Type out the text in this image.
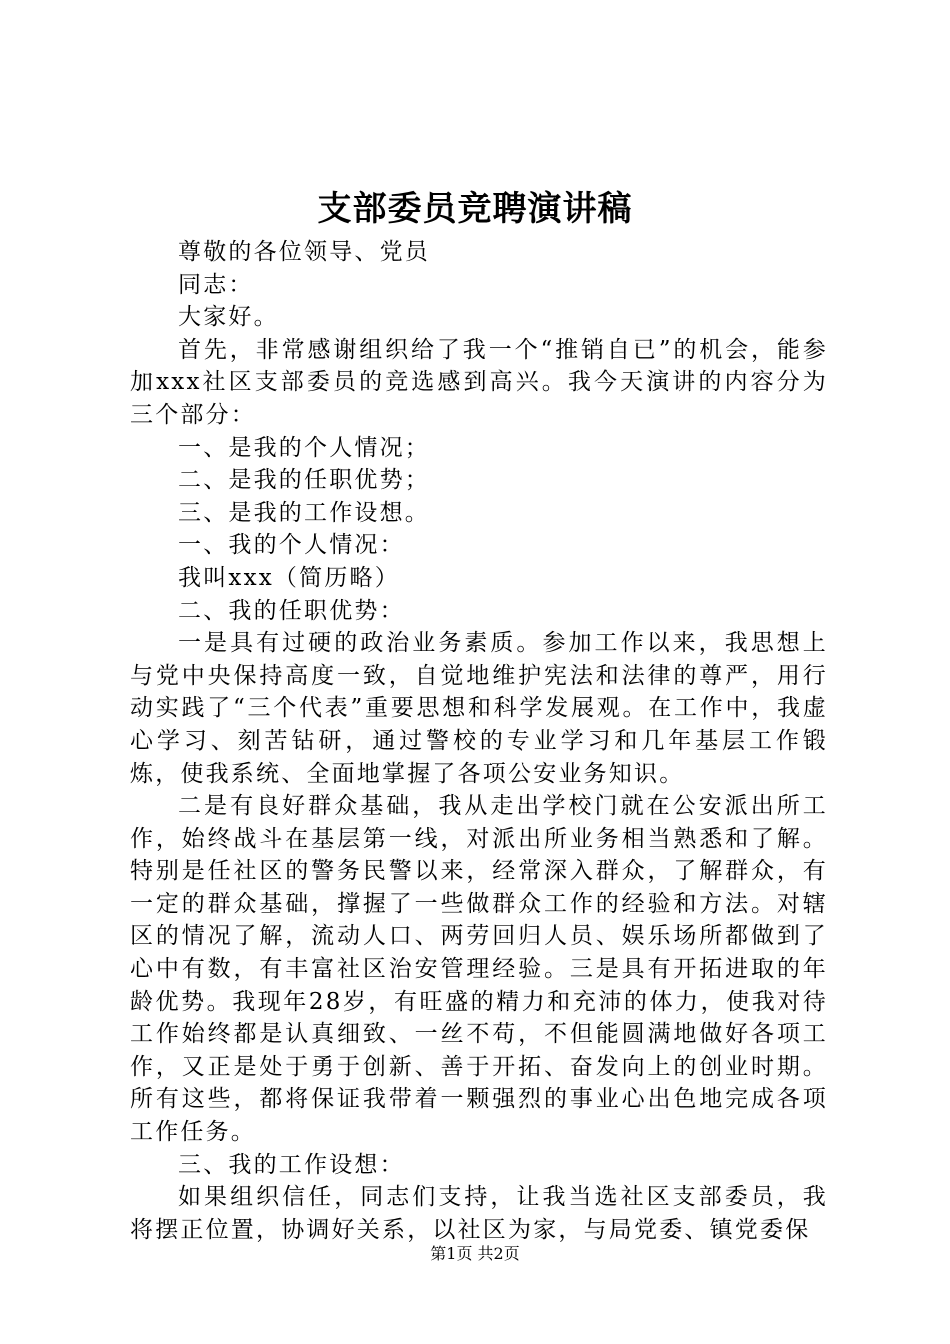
支部委员竞聘演讲稿

尊敬的各位领导、党员

同志：

大家好。

首先，非常感谢组织给了我一个“推销自已”的机会，能参加xxx社区支部委员的竞选感到高兴。我今天演讲的内容分为三个部分：

一、是我的个人情况；

二、是我的任职优势；

三、是我的工作设想。

一、我的个人情况：

我叫xxx（简历略）

二、我的任职优势：

一是具有过硬的政治业务素质。参加工作以来，我思想上与党中央保持高度一致，自觉地维护宪法和法律的尊严，用行动实践了“三个代表”重要思想和科学发展观。在工作中，我虚心学习、刻苦钻研，通过警校的专业学习和几年基层工作锻炼，使我系统、全面地掌握了各项公安业务知识。

二是有良好群众基础，我从走出学校门就在公安派出所工作，始终战斗在基层第一线，对派出所业务相当熟悉和了解。特别是任社区的警务民警以来，经常深入群众，了解群众，有一定的群众基础，撑握了一些做群众工作的经验和方法。对辖区的情况了解，流动人口、两劳回归人员、娱乐场所都做到了心中有数，有丰富社区治安管理经验。三是具有开拓进取的年龄优势。我现年28岁，有旺盛的精力和充沛的体力，使我对待工作始终都是认真细致、一丝不苟，不但能圆满地做好各项工作，又正是处于勇于创新、善于开拓、奋发向上的创业时期。所有这些，都将保证我带着一颗强烈的事业心出色地完成各项工作任务。

三、我的工作设想：

如果组织信任，同志们支持，让我当选社区支部委员，我将摆正位置，协调好关系，以社区为家，与局党委、镇党委保

第1页 共2页
